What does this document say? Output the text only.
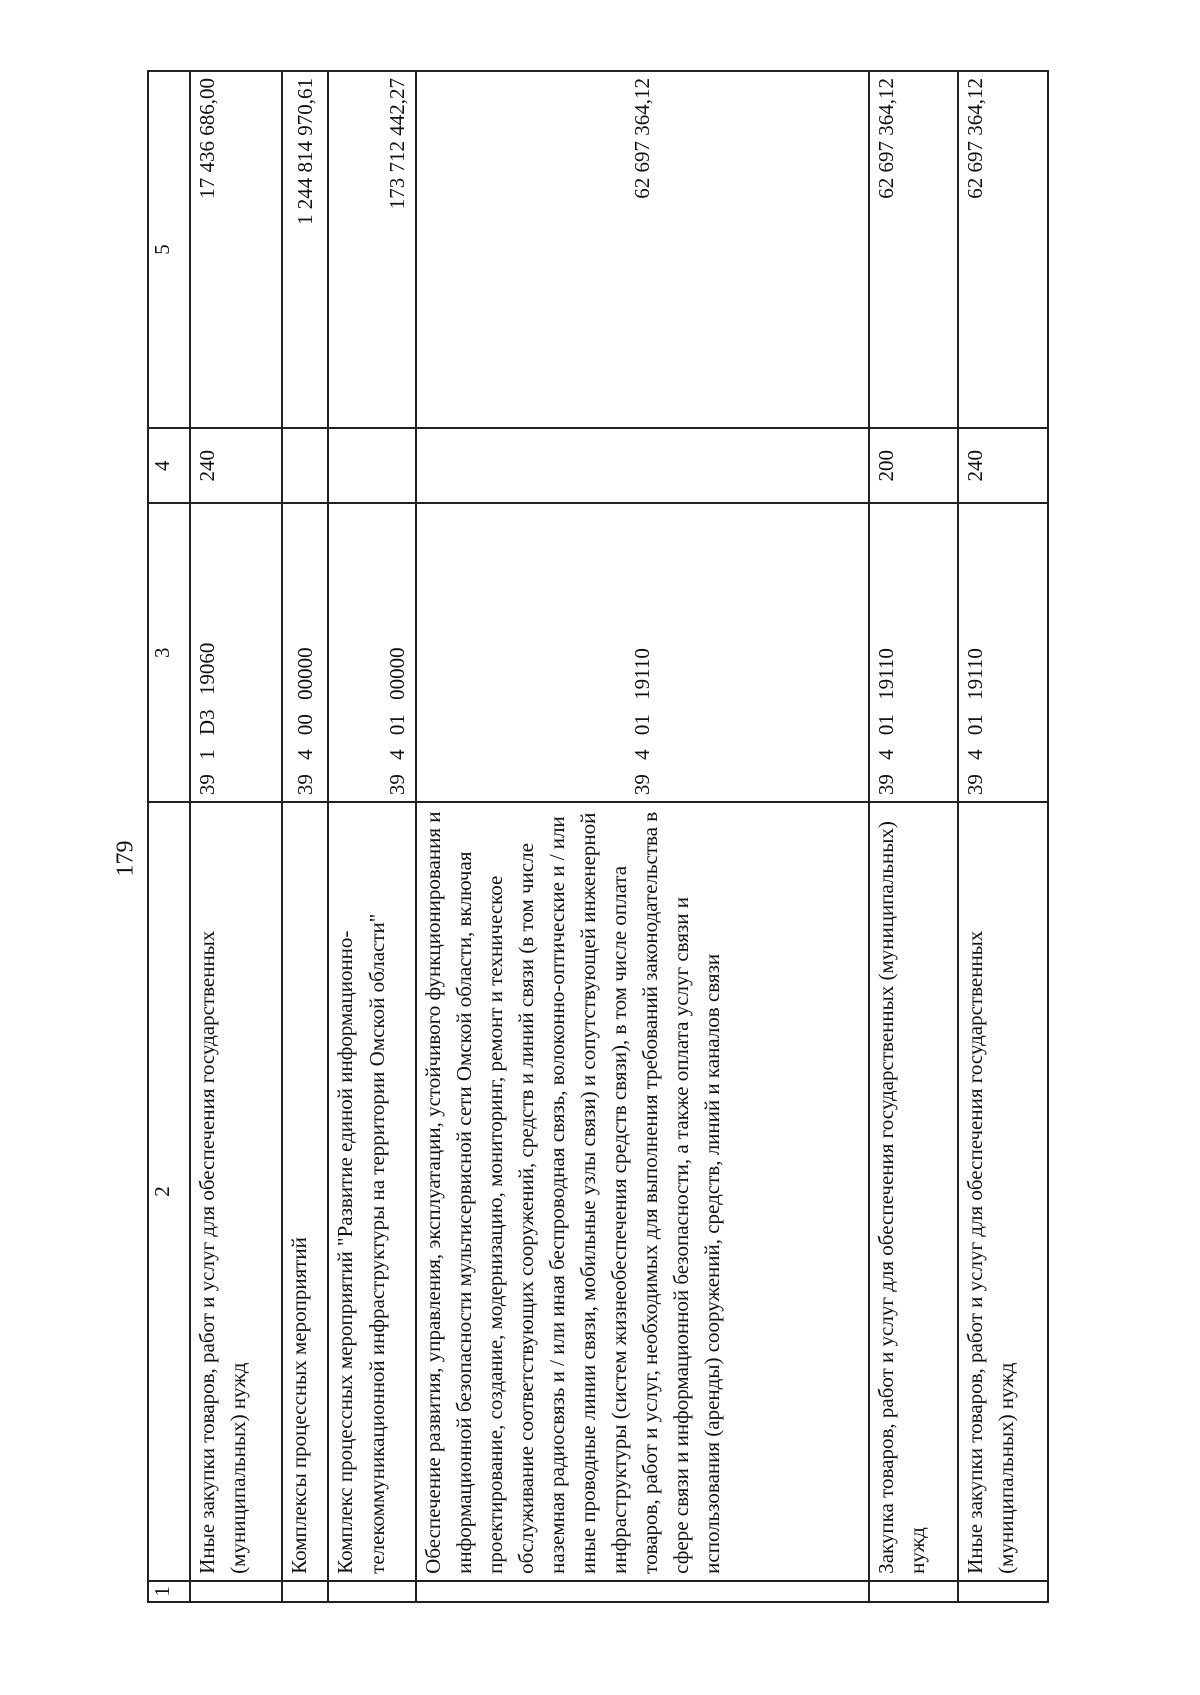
179
1	2	3	4	5
	Иные закупки товаров, работ и услуг для обеспечения государственных (муниципальных) нужд	39 1 D3 19060	240	17 436 686,00
	Комплексы процессных мероприятий	39 4 00 00000		1 244 814 970,61
	Комплекс процессных мероприятий "Развитие единой информационно-телекоммуникационной инфраструктуры на территории Омской области"	39 4 01 00000		173 712 442,27
	Обеспечение развития, управления, эксплуатации, устойчивого функционирования и информационной безопасности мультисервисной сети Омской области, включая проектирование, создание, модернизацию, мониторинг, ремонт и техническое обслуживание соответствующих сооружений, средств и линий связи (в том числе наземная радиосвязь и / или иная беспроводная связь, волоконно-оптические и / или иные проводные линии связи, мобильные узлы связи) и сопутствующей инженерной инфраструктуры (систем жизнеобеспечения средств связи), в том числе оплата товаров, работ и услуг, необходимых для выполнения требований законодательства в сфере связи и информационной безопасности, а также оплата услуг связи и использования (аренды) сооружений, средств, линий и каналов связи	39 4 01 19110		62 697 364,12
	Закупка товаров, работ и услуг для обеспечения государственных (муниципальных) нужд	39 4 01 19110	200	62 697 364,12
	Иные закупки товаров, работ и услуг для обеспечения государственных (муниципальных) нужд	39 4 01 19110	240	62 697 364,12
